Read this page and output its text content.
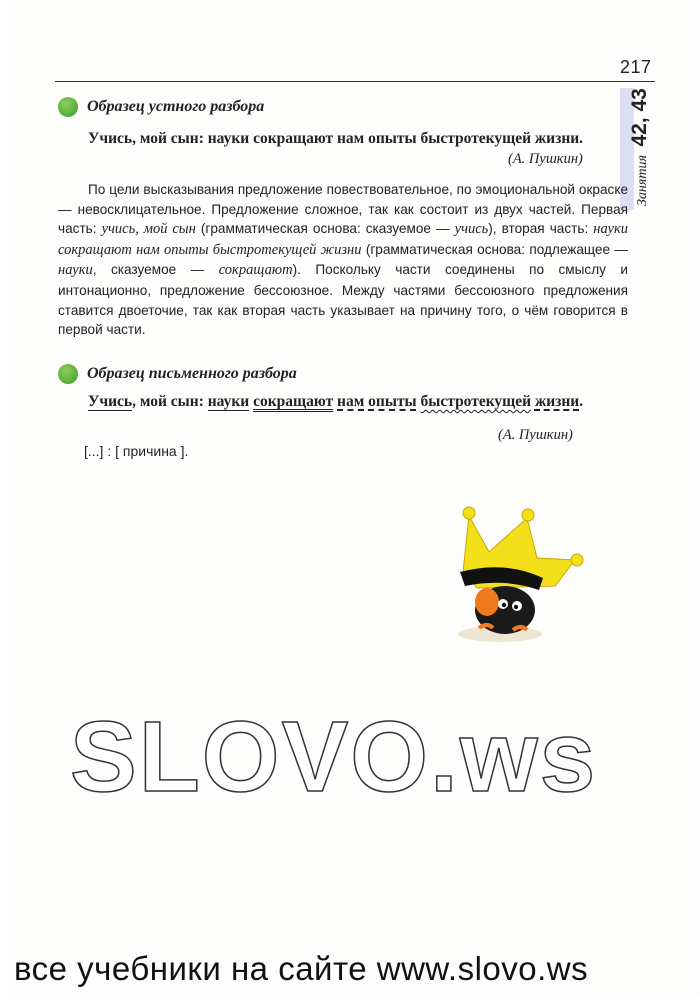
217
Занятия 42, 43
Образец устного разбора
Учись, мой сын: науки сокращают нам опыты быстротекущей жизни.
(А. Пушкин)
По цели высказывания предложение повествовательное, по эмоциональной окраске — невосклицательное. Предложение сложное, так как состоит из двух частей. Первая часть: учись, мой сын (грамматическая основа: сказуемое — учись), вторая часть: науки сокращают нам опыты быстротекущей жизни (грамматическая основа: подлежащее — науки, сказуемое — сокращают). Поскольку части соединены по смыслу и интонационно, предложение бессоюзное. Между частями бессоюзного предложения ставится двоеточие, так как вторая часть указывает на причину того, о чём говорится в первой части.
Образец письменного разбора
Учись, мой сын: науки сокращают нам опыты быстротекущей жизни.
(А. Пушкин)
[...] : [ причина ].
SLOVO.ws
все учебники на сайте www.slovo.ws
